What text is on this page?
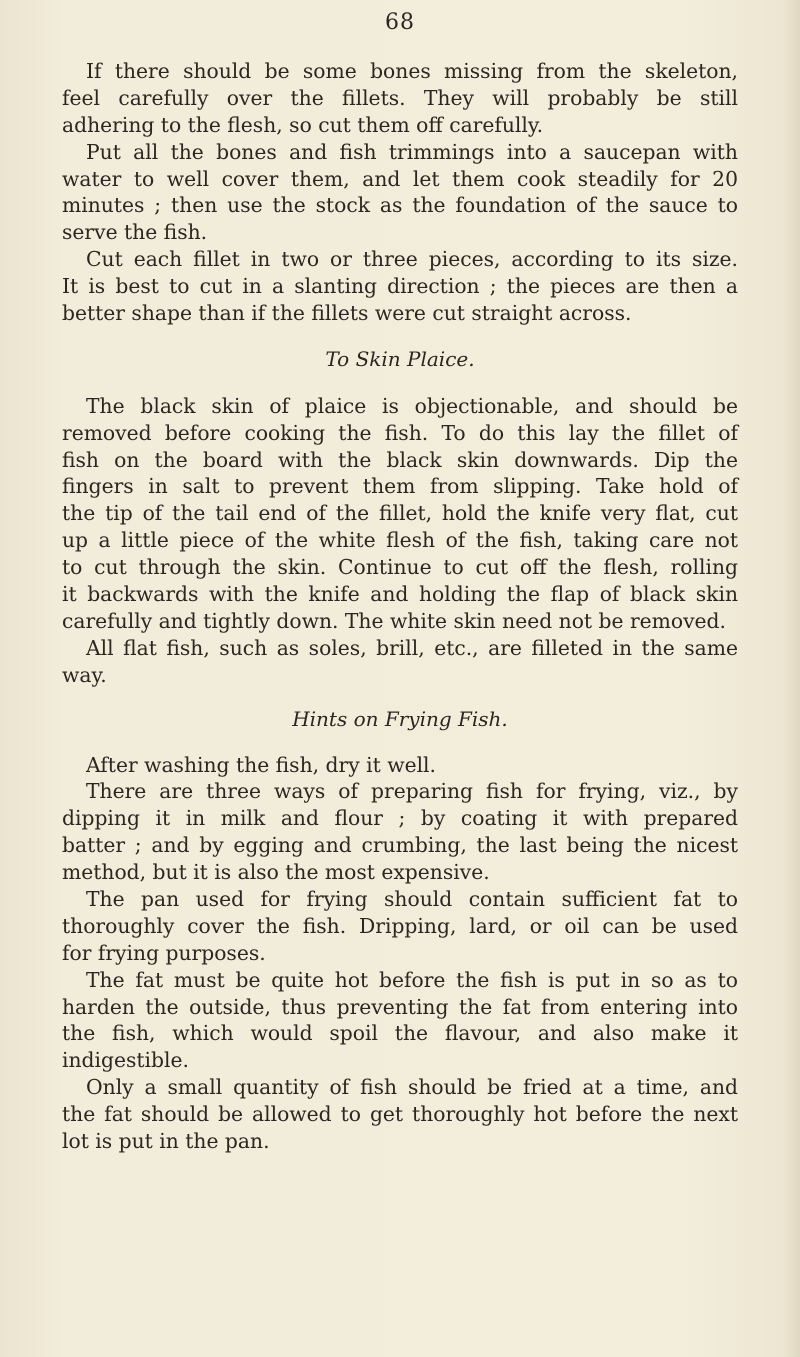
68
If there should be some bones missing from the skeleton,
feel carefully over the fillets. They will probably be still
adhering to the flesh, so cut them off carefully.
Put all the bones and fish trimmings into a saucepan with
water to well cover them, and let them cook steadily for 20
minutes ; then use the stock as the foundation of the sauce to
serve the fish.
Cut each fillet in two or three pieces, according to its size.
It is best to cut in a slanting direction ; the pieces are then a
better shape than if the fillets were cut straight across.
To Skin Plaice.
The black skin of plaice is objectionable, and should be
removed before cooking the fish. To do this lay the fillet of
fish on the board with the black skin downwards. Dip the
fingers in salt to prevent them from slipping. Take hold of
the tip of the tail end of the fillet, hold the knife very flat, cut
up a little piece of the white flesh of the fish, taking care not
to cut through the skin. Continue to cut off the flesh, rolling
it backwards with the knife and holding the flap of black skin
carefully and tightly down. The white skin need not be removed.
All flat fish, such as soles, brill, etc., are filleted in the same
way.
Hints on Frying Fish.
After washing the fish, dry it well.
There are three ways of preparing fish for frying, viz., by
dipping it in milk and flour ; by coating it with prepared
batter ; and by egging and crumbing, the last being the nicest
method, but it is also the most expensive.
The pan used for frying should contain sufficient fat to
thoroughly cover the fish. Dripping, lard, or oil can be used
for frying purposes.
The fat must be quite hot before the fish is put in so as to
harden the outside, thus preventing the fat from entering into
the fish, which would spoil the flavour, and also make it
indigestible.
Only a small quantity of fish should be fried at a time, and
the fat should be allowed to get thoroughly hot before the next
lot is put in the pan.
